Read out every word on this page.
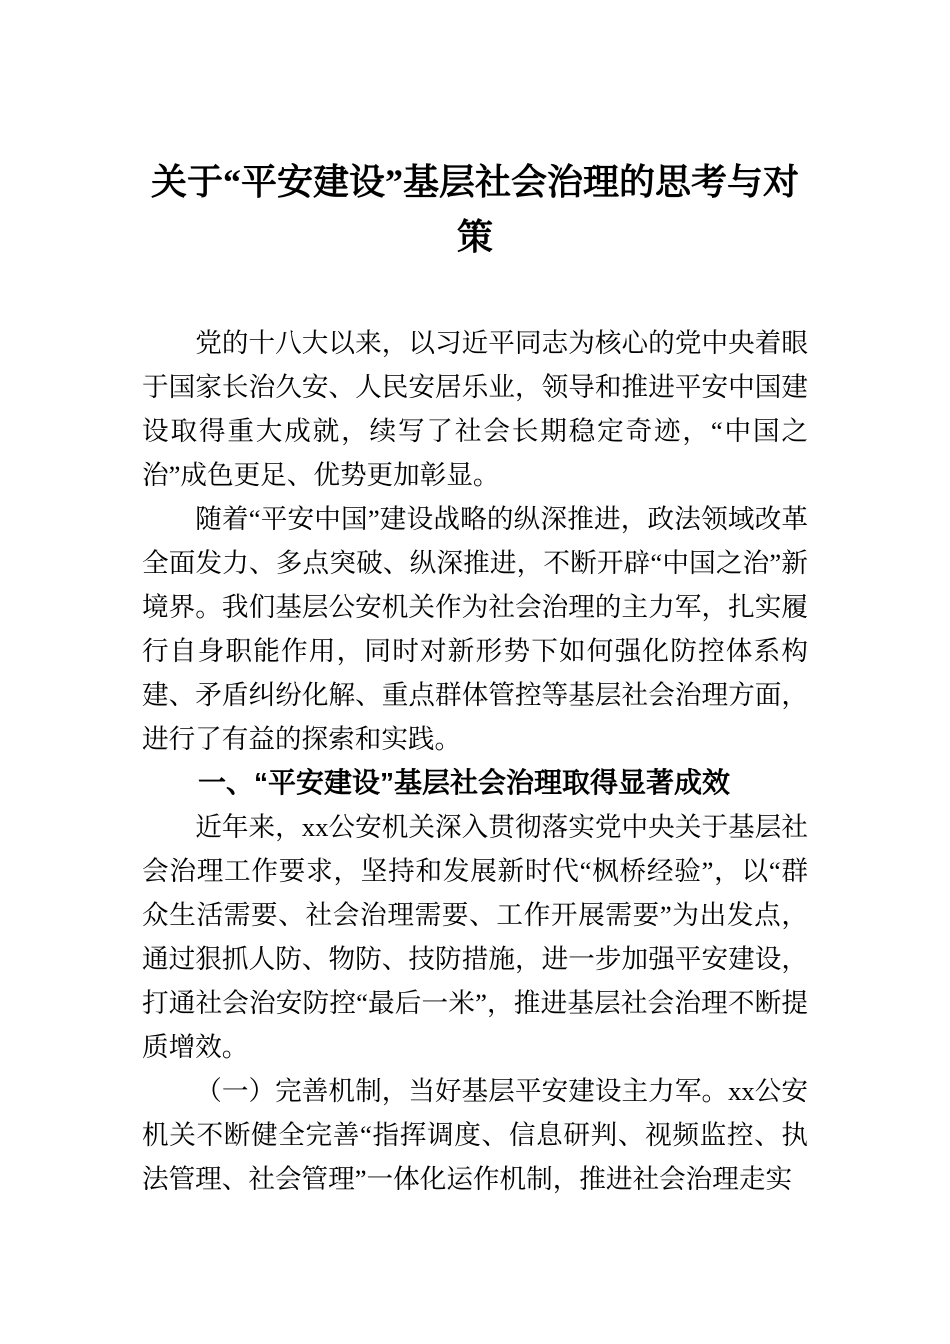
关于“平安建设”基层社会治理的思考与对策

党的十八大以来，以习近平同志为核心的党中央着眼于国家长治久安、人民安居乐业，领导和推进平安中国建设取得重大成就，续写了社会长期稳定奇迹，“中国之治”成色更足、优势更加彰显。

随着“平安中国”建设战略的纵深推进，政法领域改革全面发力、多点突破、纵深推进，不断开辟“中国之治”新境界。我们基层公安机关作为社会治理的主力军，扎实履行自身职能作用，同时对新形势下如何强化防控体系构建、矛盾纠纷化解、重点群体管控等基层社会治理方面，进行了有益的探索和实践。

一、“平安建设”基层社会治理取得显著成效

近年来，xx公安机关深入贯彻落实党中央关于基层社会治理工作要求，坚持和发展新时代“枫桥经验”，以“群众生活需要、社会治理需要、工作开展需要”为出发点，通过狠抓人防、物防、技防措施，进一步加强平安建设，打通社会治安防控“最后一米”，推进基层社会治理不断提质增效。

（一）完善机制，当好基层平安建设主力军。xx公安机关不断健全完善“指挥调度、信息研判、视频监控、执法管理、社会管理”一体化运作机制，推进社会治理走实
